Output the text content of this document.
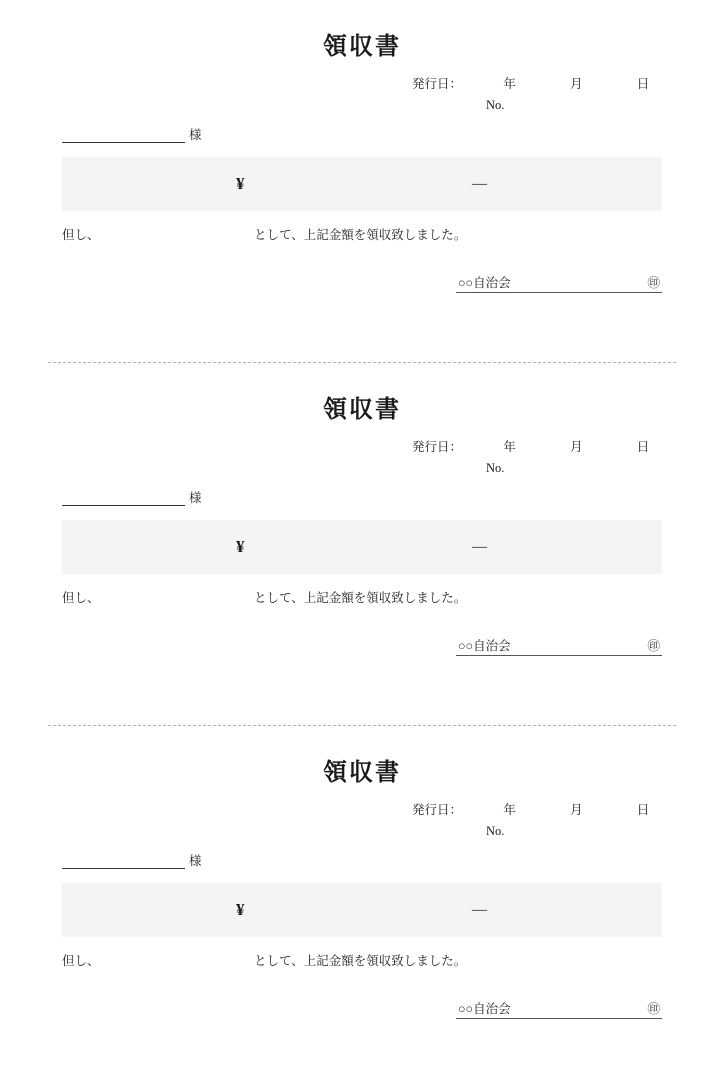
領収書
発行日：	年	月	日
No.
様
¥	—
但し、	として、上記金額を領収致しました。
○○自治会	㊞
領収書
発行日：	年	月	日
No.
様
¥	—
但し、	として、上記金額を領収致しました。
○○自治会	㊞
領収書
発行日：	年	月	日
No.
様
¥	—
但し、	として、上記金額を領収致しました。
○○自治会	㊞
